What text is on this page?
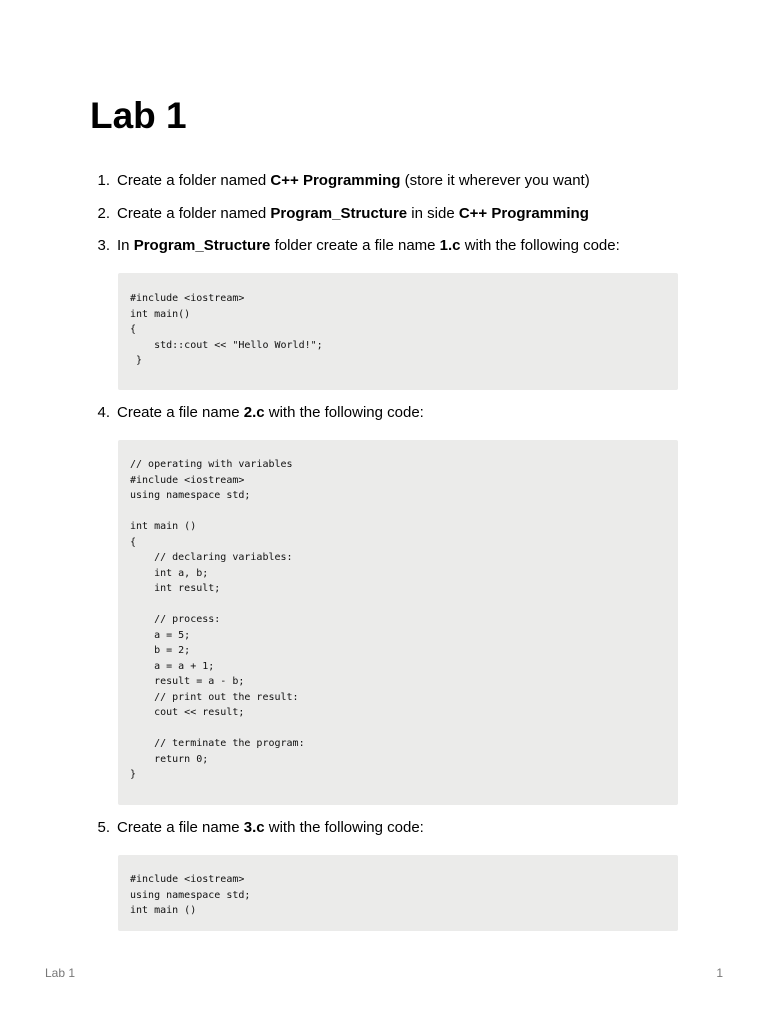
Lab 1
1. Create a folder named C++ Programming (store it wherever you want)
2. Create a folder named Program_Structure in side C++ Programming
3. In Program_Structure folder create a file name 1.c with the following code:
#include <iostream>
int main()
{
std::cout << "Hello World!";
}
4. Create a file name 2.c with the following code:
// operating with variables
#include <iostream>
using namespace std;

int main ()
{
// declaring variables:
int a, b;
int result;

// process:
a = 5;
b = 2;
a = a + 1;
result = a - b;
// print out the result:
cout << result;

// terminate the program:
return 0;
}
5. Create a file name 3.c with the following code:
#include <iostream>
using namespace std;
int main ()
Lab 1	1
